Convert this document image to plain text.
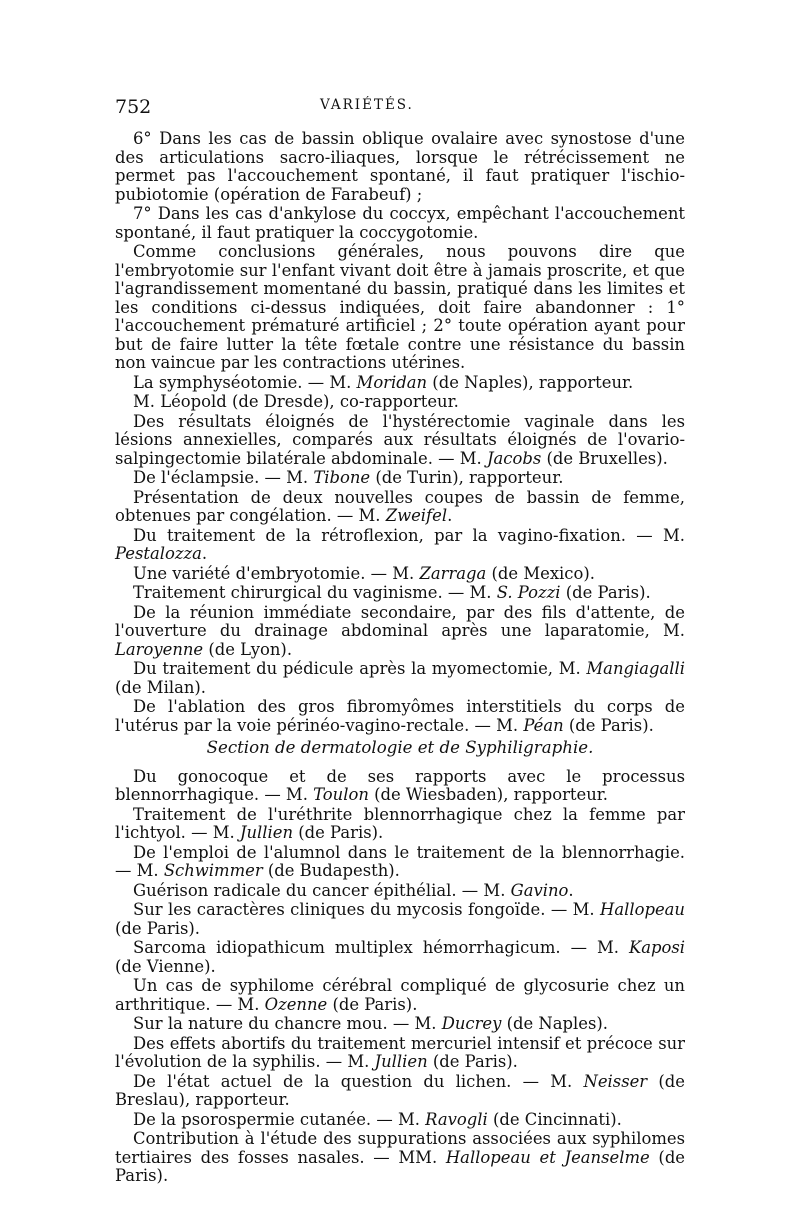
752	VARIÉTÉS.
6° Dans les cas de bassin oblique ovalaire avec synostose d'une des articulations sacro-iliaques, lorsque le rétrécissement ne permet pas l'accouchement spontané, il faut pratiquer l'ischio-pubiotomie (opération de Farabeuf) ;
7° Dans les cas d'ankylose du coccyx, empêchant l'accouchement spontané, il faut pratiquer la coccygotomie.
Comme conclusions générales, nous pouvons dire que l'embryotomie sur l'enfant vivant doit être à jamais proscrite, et que l'agrandissement momentané du bassin, pratiqué dans les limites et les conditions ci-dessus indiquées, doit faire abandonner : 1° l'accouchement prématuré artificiel ; 2° toute opération ayant pour but de faire lutter la tête fœtale contre une résistance du bassin non vaincue par les contractions utérines.
La symphyséotomie. — M. Moridan (de Naples), rapporteur.
M. Léopold (de Dresde), co-rapporteur.
Des résultats éloignés de l'hystérectomie vaginale dans les lésions annexielles, comparés aux résultats éloignés de l'ovario-salpingectomie bilatérale abdominale. — M. Jacobs (de Bruxelles).
De l'éclampsie. — M. Tibone (de Turin), rapporteur.
Présentation de deux nouvelles coupes de bassin de femme, obtenues par congélation. — M. Zweifel.
Du traitement de la rétroflexion, par la vagino-fixation. — M. Pestalozza.
Une variété d'embryotomie. — M. Zarraga (de Mexico).
Traitement chirurgical du vaginisme. — M. S. Pozzi (de Paris).
De la réunion immédiate secondaire, par des fils d'attente, de l'ouverture du drainage abdominal après une laparatomie, M. Laroyenne (de Lyon).
Du traitement du pédicule après la myomectomie, M. Mangiagalli (de Milan).
De l'ablation des gros fibromyômes interstitiels du corps de l'utérus par la voie périnéo-vagino-rectale. — M. Péan (de Paris).
Section de dermatologie et de Syphiligraphie.
Du gonocoque et de ses rapports avec le processus blennorrhagique. — M. Toulon (de Wiesbaden), rapporteur.
Traitement de l'uréthrite blennorrhagique chez la femme par l'ichtyol. — M. Jullien (de Paris).
De l'emploi de l'alumnol dans le traitement de la blennorrhagie. — M. Schwimmer (de Budapesth).
Guérison radicale du cancer épithélial. — M. Gavino.
Sur les caractères cliniques du mycosis fongoïde. — M. Hallopeau (de Paris).
Sarcoma idiopathicum multiplex hémorrhagicum. — M. Kaposi (de Vienne).
Un cas de syphilome cérébral compliqué de glycosurie chez un arthritique. — M. Ozenne (de Paris).
Sur la nature du chancre mou. — M. Ducrey (de Naples).
Des effets abortifs du traitement mercuriel intensif et précoce sur l'évolution de la syphilis. — M. Jullien (de Paris).
De l'état actuel de la question du lichen. — M. Neisser (de Breslau), rapporteur.
De la psorospermie cutanée. — M. Ravogli (de Cincinnati).
Contribution à l'étude des suppurations associées aux syphilomes tertiaires des fosses nasales. — MM. Hallopeau et Jeanselme (de Paris).
